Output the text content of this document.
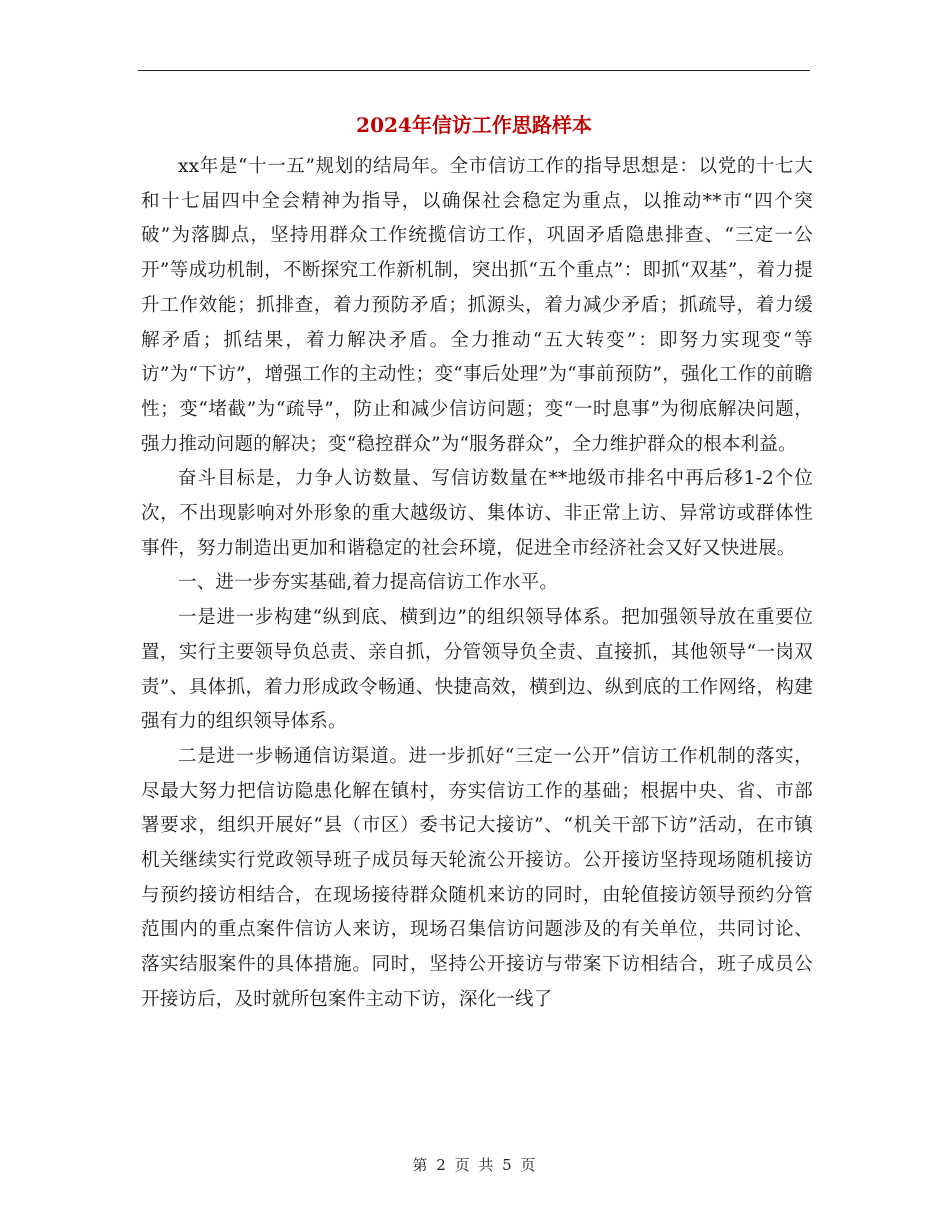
2024年信访工作思路样本

xx年是“十一五”规划的结局年。全市信访工作的指导思想是：以党的十七大和十七届四中全会精神为指导，以确保社会稳定为重点，以推动**市“四个突破”为落脚点，坚持用群众工作统揽信访工作，巩固矛盾隐患排查、“三定一公开”等成功机制，不断探究工作新机制，突出抓“五个重点”：即抓“双基”，着力提升工作效能；抓排查，着力预防矛盾；抓源头，着力减少矛盾；抓疏导，着力缓解矛盾；抓结果，着力解决矛盾。全力推动“五大转变”：即努力实现变“等访”为“下访”，增强工作的主动性；变“事后处理”为“事前预防”，强化工作的前瞻性；变“堵截”为“疏导”，防止和减少信访问题；变“一时息事”为彻底解决问题，强力推动问题的解决；变“稳控群众”为“服务群众”，全力维护群众的根本利益。

奋斗目标是，力争人访数量、写信访数量在**地级市排名中再后移1-2个位次，不出现影响对外形象的重大越级访、集体访、非正常上访、异常访或群体性事件，努力制造出更加和谐稳定的社会环境，促进全市经济社会又好又快进展。

一、进一步夯实基础,着力提高信访工作水平。

一是进一步构建“纵到底、横到边”的组织领导体系。把加强领导放在重要位置，实行主要领导负总责、亲自抓，分管领导负全责、直接抓，其他领导“一岗双责”、具体抓，着力形成政令畅通、快捷高效，横到边、纵到底的工作网络，构建强有力的组织领导体系。

二是进一步畅通信访渠道。进一步抓好“三定一公开”信访工作机制的落实，尽最大努力把信访隐患化解在镇村，夯实信访工作的基础；根据中央、省、市部署要求，组织开展好“县（市区）委书记大接访”、“机关干部下访”活动，在市镇机关继续实行党政领导班子成员每天轮流公开接访。公开接访坚持现场随机接访与预约接访相结合，在现场接待群众随机来访的同时，由轮值接访领导预约分管范围内的重点案件信访人来访，现场召集信访问题涉及的有关单位，共同讨论、落实结服案件的具体措施。同时，坚持公开接访与带案下访相结合，班子成员公开接访后，及时就所包案件主动下访，深化一线了

第 2 页 共 5 页
